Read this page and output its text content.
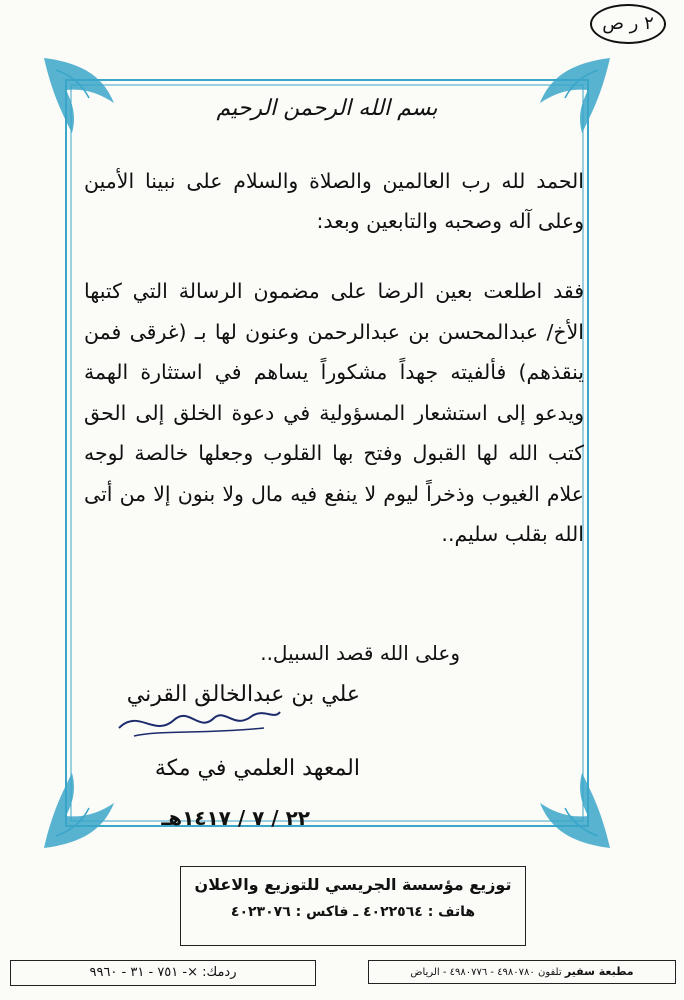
٢ ر ص
بسم الله الرحمن الرحيم
الحمد لله رب العالمين والصلاة والسلام على نبينا الأمين وعلى آله وصحبه والتابعين وبعد:
فقد اطلعت بعين الرضا على مضمون الرسالة التي كتبها الأخ/ عبدالمحسن بن عبدالرحمن وعنون لها بـ (غرقى فمن ينقذهم) فألفيته جهداً مشكوراً يساهم في استثارة الهمة ويدعو إلى استشعار المسؤولية في دعوة الخلق إلى الحق كتب الله لها القبول وفتح بها القلوب وجعلها خالصة لوجه علام الغيوب وذخراً ليوم لا ينفع فيه مال ولا بنون إلا من أتى الله بقلب سليم..
وعلى الله قصد السبيل..
علي بن عبدالخالق القرني
المعهد العلمي في مكة
٢٢ / ٧ / ١٤١٧هـ
توزيع مؤسسة الجريسي للتوزيع والاعلان
هاتف : ٤٠٢٢٥٦٤ ـ فاكس : ٤٠٢٣٠٧٦
ردمك: ×- ٧٥١ - ٣١ - ٩٩٦٠	مطبعة سفير تلفون ٤٩٨٠٧٨٠ - ٤٩٨٠٧٧٦ - الرياض
